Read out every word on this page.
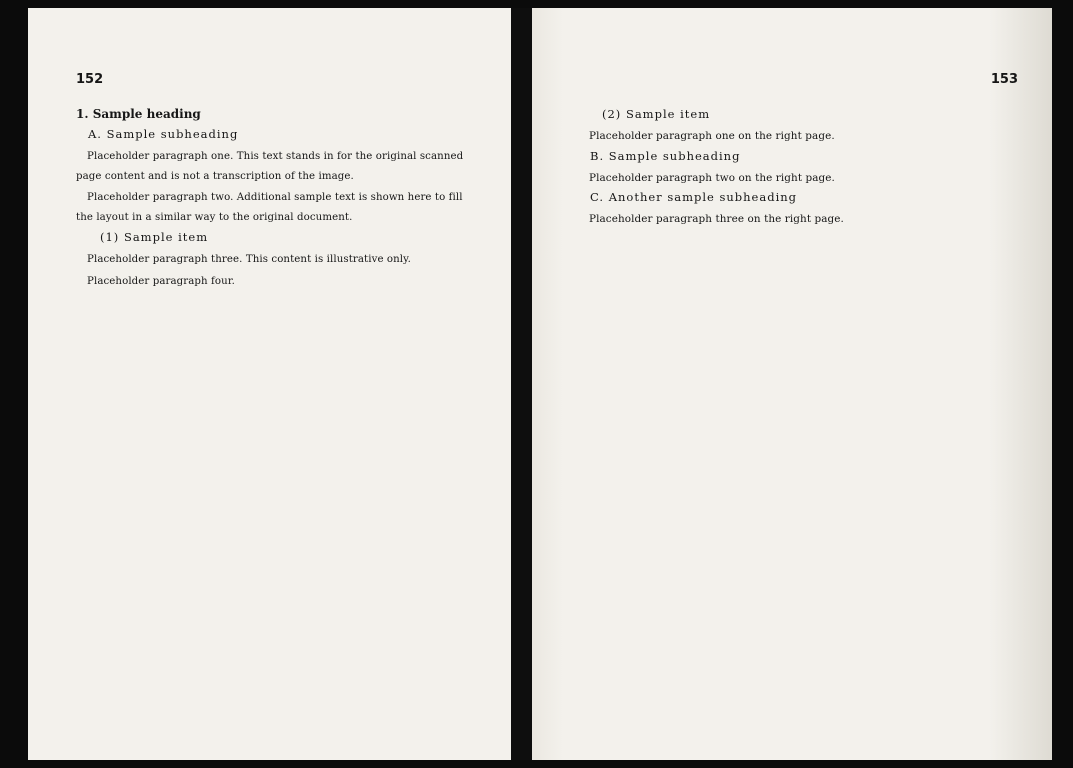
152
1. Sample heading
A. Sample subheading
Placeholder paragraph one. This text stands in for the original scanned page content and is not a transcription of the image.
Placeholder paragraph two. Additional sample text is shown here to fill the layout in a similar way to the original document.
(1) Sample item
Placeholder paragraph three. This content is illustrative only.
Placeholder paragraph four.
153
(2) Sample item
Placeholder paragraph one on the right page.
B. Sample subheading
Placeholder paragraph two on the right page.
C. Another sample subheading
Placeholder paragraph three on the right page.
